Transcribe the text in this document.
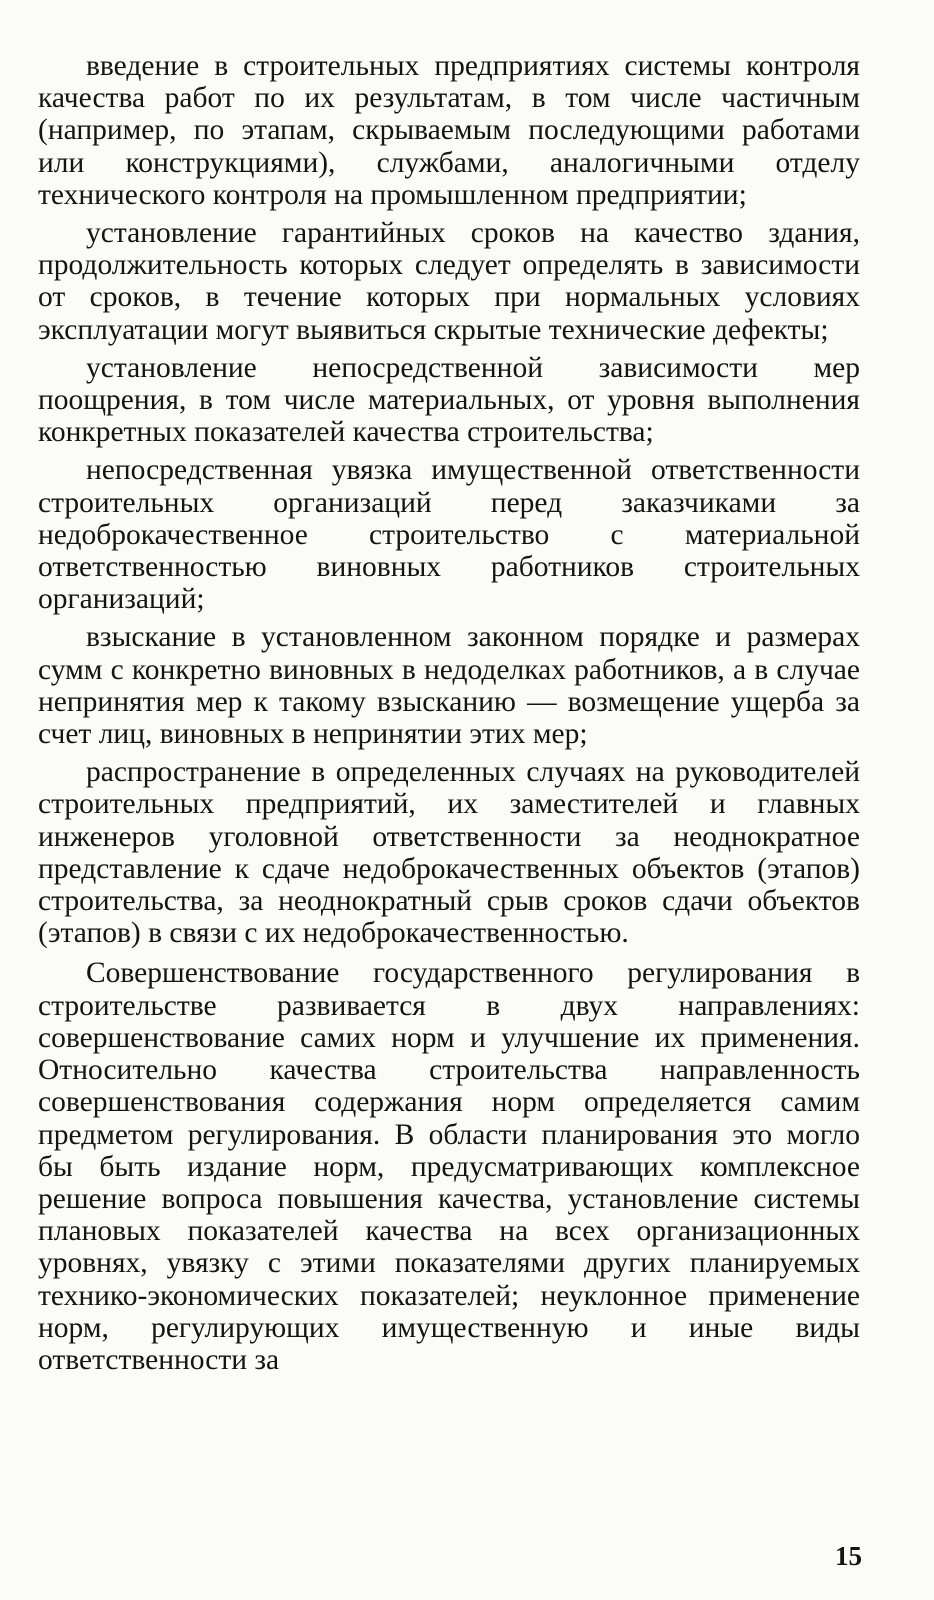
введение в строительных предприятиях системы контроля качества работ по их результатам, в том числе частичным (например, по этапам, скрываемым последующими работами или конструкциями), службами, аналогичными отделу технического контроля на промышленном предприятии;

установление гарантийных сроков на качество здания, продолжительность которых следует определять в зависимости от сроков, в течение которых при нормальных условиях эксплуатации могут выявиться скрытые технические дефекты;

установление непосредственной зависимости мер поощрения, в том числе материальных, от уровня выполнения конкретных показателей качества строительства;

непосредственная увязка имущественной ответственности строительных организаций перед заказчиками за недоброкачественное строительство с материальной ответственностью виновных работников строительных организаций;

взыскание в установленном законном порядке и размерах сумм с конкретно виновных в недоделках работников, а в случае непринятия мер к такому взысканию — возмещение ущерба за счет лиц, виновных в непринятии этих мер;

распространение в определенных случаях на руководителей строительных предприятий, их заместителей и главных инженеров уголовной ответственности за неоднократное представление к сдаче недоброкачественных объектов (этапов) строительства, за неоднократный срыв сроков сдачи объектов (этапов) в связи с их недоброкачественностью.

Совершенствование государственного регулирования в строительстве развивается в двух направлениях: совершенствование самих норм и улучшение их применения. Относительно качества строительства направленность совершенствования содержания норм определяется самим предметом регулирования. В области планирования это могло бы быть издание норм, предусматривающих комплексное решение вопроса повышения качества, установление системы плановых показателей качества на всех организационных уровнях, увязку с этими показателями других планируемых технико-экономических показателей; неуклонное применение норм, регулирующих имущественную и иные виды ответственности за

15
